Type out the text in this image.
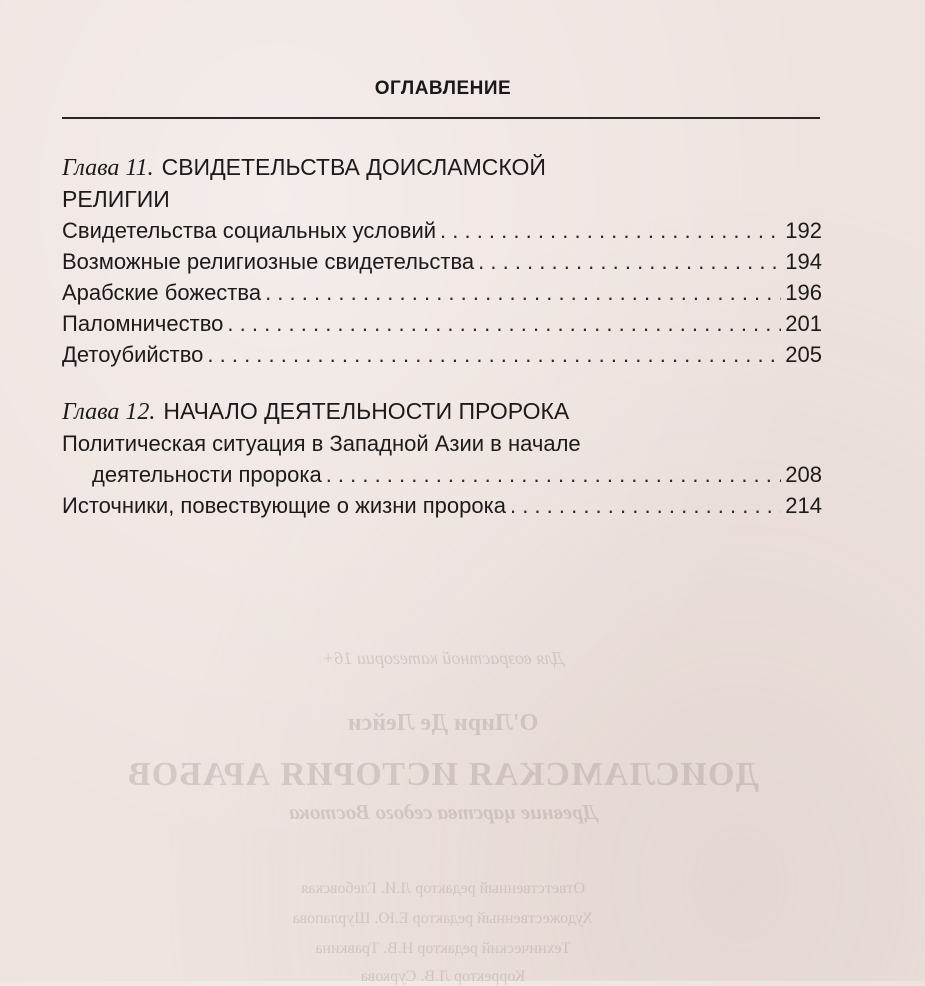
ОГЛАВЛЕНИЕ
Глава 11. СВИДЕТЕЛЬСТВА ДОИСЛАМСКОЙ
РЕЛИГИИ
Свидетельства социальных условий . . .	192
Возможные религиозные свидетельства . . .	194
Арабские божества . . .	196
Паломничество . . .	201
Детоубийство . . .	205
Глава 12. НАЧАЛО ДЕЯТЕЛЬНОСТИ ПРОРОКА
Политическая ситуация в Западной Азии в начале
деятельности пророка . . .	208
Источники, повествующие о жизни пророка . . .	214
Для возрастной категории 16+
О'Лири Де Лейси
ДОИСЛАМСКАЯ ИСТОРИЯ АРАБОВ
Древние царства седого Востока
Ответственный редактор Л.И. Глебовская
Художественный редактор Е.Ю. Шурлапова
Технический редактор Н.В. Травкина
Корректор Л.В. Суркова
